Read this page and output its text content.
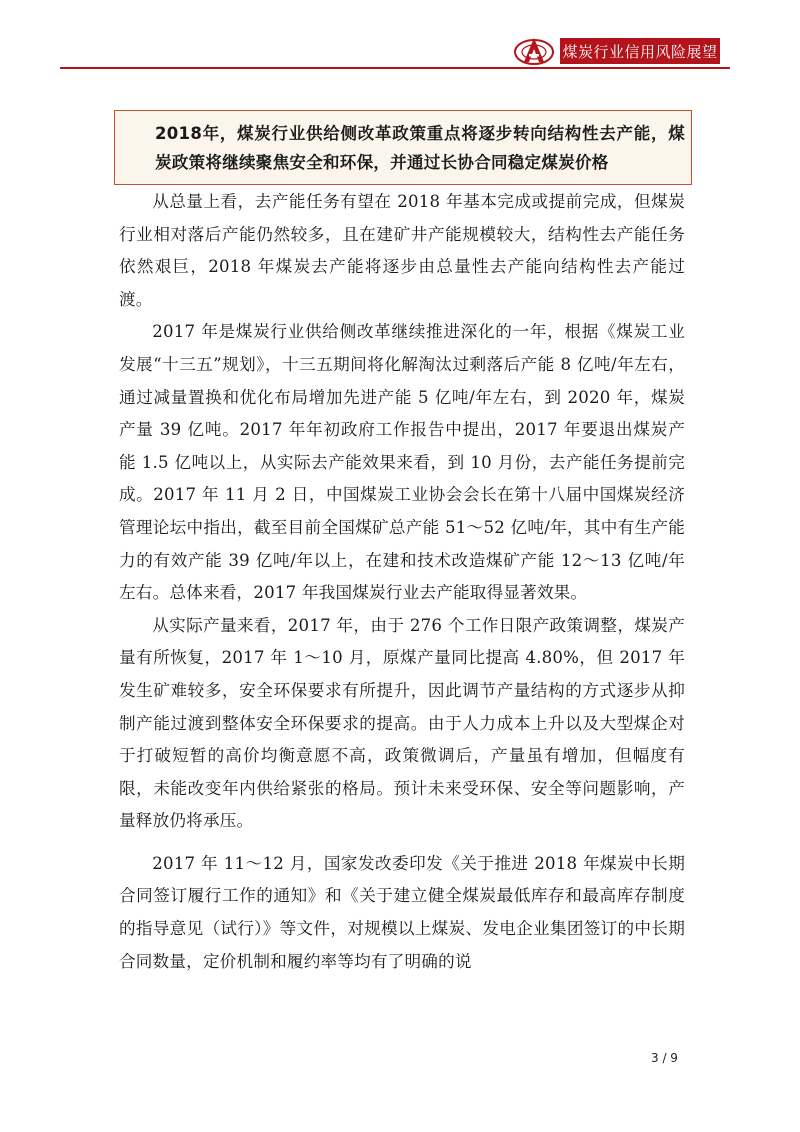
煤炭行业信用风险展望

2018年，煤炭行业供给侧改革政策重点将逐步转向结构性去产能，煤炭政策将继续聚焦安全和环保，并通过长协合同稳定煤炭价格

从总量上看，去产能任务有望在 2018 年基本完成或提前完成，但煤炭行业相对落后产能仍然较多，且在建矿井产能规模较大，结构性去产能任务依然艰巨，2018 年煤炭去产能将逐步由总量性去产能向结构性去产能过渡。

2017 年是煤炭行业供给侧改革继续推进深化的一年，根据《煤炭工业发展“十三五”规划》，十三五期间将化解淘汰过剩落后产能 8 亿吨/年左右，通过减量置换和优化布局增加先进产能 5 亿吨/年左右，到 2020 年，煤炭产量 39 亿吨。2017 年年初政府工作报告中提出，2017 年要退出煤炭产能 1.5 亿吨以上，从实际去产能效果来看，到 10 月份，去产能任务提前完成。2017 年 11 月 2 日，中国煤炭工业协会会长在第十八届中国煤炭经济管理论坛中指出，截至目前全国煤矿总产能 51～52 亿吨/年，其中有生产能力的有效产能 39 亿吨/年以上，在建和技术改造煤矿产能 12～13 亿吨/年左右。总体来看，2017 年我国煤炭行业去产能取得显著效果。

从实际产量来看，2017 年，由于 276 个工作日限产政策调整，煤炭产量有所恢复，2017 年 1～10 月，原煤产量同比提高 4.80%，但 2017 年发生矿难较多，安全环保要求有所提升，因此调节产量结构的方式逐步从抑制产能过渡到整体安全环保要求的提高。由于人力成本上升以及大型煤企对于打破短暂的高价均衡意愿不高，政策微调后，产量虽有增加，但幅度有限，未能改变年内供给紧张的格局。预计未来受环保、安全等问题影响，产量释放仍将承压。

2017 年 11～12 月，国家发改委印发《关于推进 2018 年煤炭中长期合同签订履行工作的通知》和《关于建立健全煤炭最低库存和最高库存制度的指导意见（试行）》等文件，对规模以上煤炭、发电企业集团签订的中长期合同数量，定价机制和履约率等均有了明确的说

3 / 9
